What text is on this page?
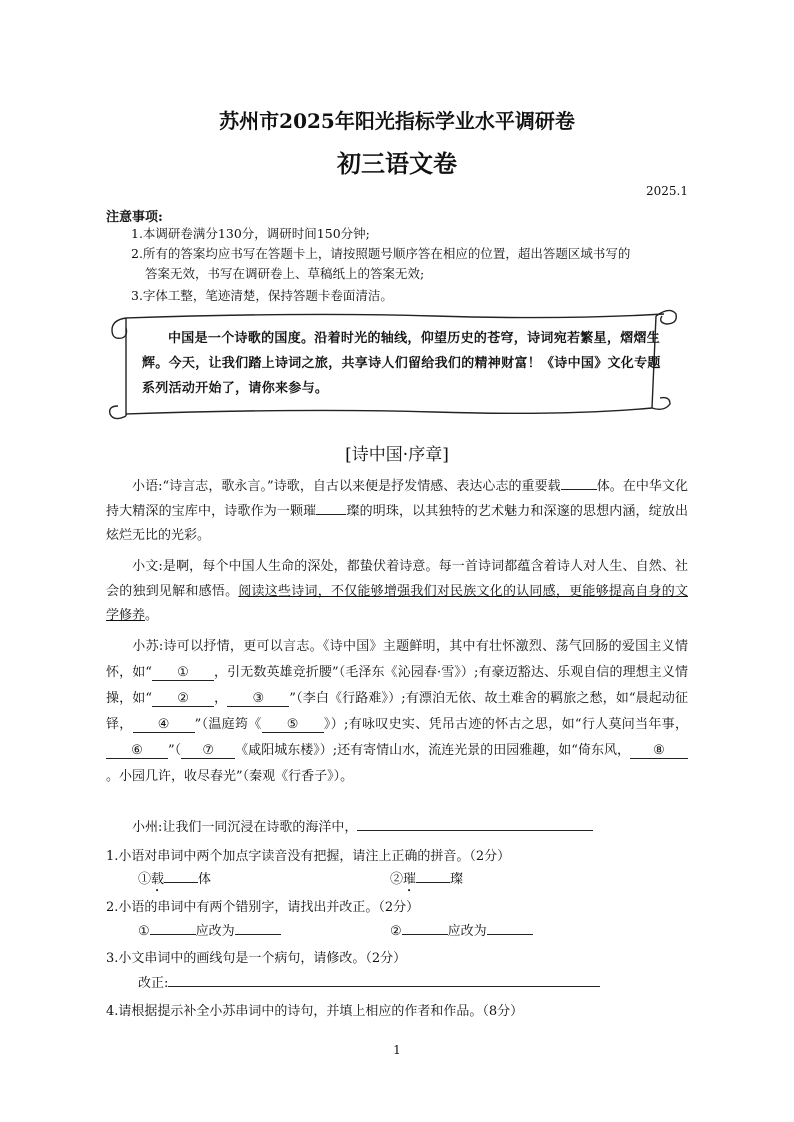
苏州市2025年阳光指标学业水平调研卷
初三语文卷
2025.1
注意事项:
1.本调研卷满分130分，调研时间150分钟;
2.所有的答案均应书写在答题卡上，请按照题号顺序答在相应的位置，超出答题区域书写的
答案无效，书写在调研卷上、草稿纸上的答案无效;
3.字体工整，笔迹清楚，保持答题卡卷面清洁。
中国是一个诗歌的国度。沿着时光的轴线，仰望历史的苍穹，诗词宛若繁星，熠熠生辉。今天，让我们踏上诗词之旅，共享诗人们留给我们的精神财富！《诗中国》文化专题系列活动开始了，请你来参与。
[诗中国·序章]
小语:“诗言志，歌永言。”诗歌，自古以来便是抒发情感、表达心志的重要载	体。在中华文化持大精深的宝库中，诗歌作为一颗璀 璨的明珠，以其独特的艺术魅力和深邃的思想内涵，绽放出炫烂无比的光彩。
小文:是啊，每个中国人生命的深处，都蛰伏着诗意。每一首诗词都蕴含着诗人对人生、自然、社会的独到见解和感悟。阅读这些诗词，不仅能够增强我们对民族文化的认同感，更能够提高自身的文学修养。
小苏:诗可以抒情，更可以言志。《诗中国》主题鲜明，其中有壮怀激烈、荡气回肠的爱国主义情怀，如“ ① ，引无数英雄竞折腰”（毛泽东《沁园春·雪》）;有豪迈豁达、乐观自信的理想主义情操，如“ ② ， ③ ”（李白《行路难》）;有漂泊无依、故土难舍的羁旅之愁，如“晨起动征铎， ④ ”（温庭筠《 ⑤ 》）;有咏叹史实、凭吊古迹的怀古之思，如“行人莫问当年事，⑥ ”（ ⑦ 《咸阳城东楼》）;还有寄情山水，流连光景的田园雅趣，如“倚东风， ⑧。小园几许，收尽春光”（秦观《行香子》）。
小州:让我们一同沉浸在诗歌的海洋中，
1.小语对串词中两个加点字读音没有把握，请注上正确的拼音。（2分）
①载	体	②璀	璨
2.小语的串词中有两个错别字，请找出并改正。（2分）
①	应改为	②	应改为
3.小文串词中的画线句是一个病句，请修改。（2分）
改正:
4.请根据提示补全小苏串词中的诗句，并填上相应的作者和作品。（8分）
1
